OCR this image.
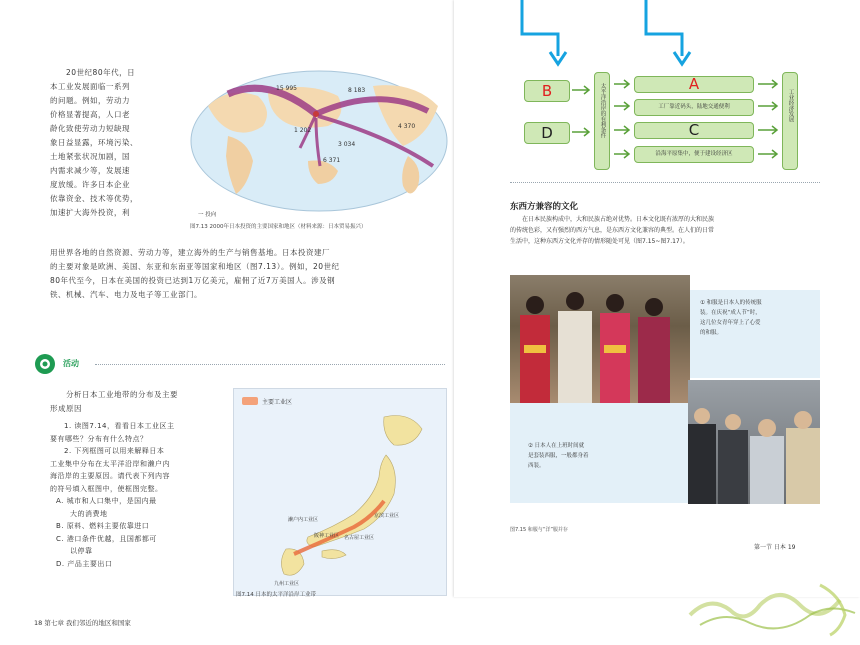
20世纪80年代，日
本工业发展面临一系列
的问题。例如，劳动力
价格显著提高，人口老
龄化致使劳动力短缺现
象日益显露，环境污染、
土地紧张状况加剧，国
内需求减少等，发展速
度放缓。许多日本企业
依靠资金、技术等优势，
加速扩大海外投资，利
15 995	8 183
4 370
1 202
3 034
6 371
一 投向
图7.13 2000年日本投资的主要国家和地区（材料来源：日本贸易振兴）
用世界各地的自然资源、劳动力等，建立海外的生产与销售基地。日本投资建厂
的主要对象是欧洲、美国、东亚和东南亚等国家和地区（图7.13）。例如，20世纪
80年代至今，日本在美国的投资已达到1万亿美元，雇佣了近7万美国人。涉及钢
铁、机械、汽车、电力及电子等工业部门。
活动
分析日本工业地带的分布及主要
形成原因
1. 读图7.14，看看日本工业区主
要有哪些？分布有什么特点？
2. 下列框图可以用来解释日本
工业集中分布在太平洋沿岸和濑户内
海沿岸的主要原因。请代表下列内容
的符号填入框图中，使框图完整。
A. 城市和人口集中，是国内最
大的消费地
B. 原料、燃料主要依靠进口
C. 港口条件优越，且国都都可
以停靠
D. 产品主要出口
主要工业区
濑户内工业区
京滨工业区
阪神工业区 名古屋工业区
九州工业区
图7.14 日本的太平洋沿岸工业带
18 第七章 我们邻近的地区和国家
B
D	太平洋沿岸的有利条件	A
工厂靠近码头，陆地交通便利
C
沿海平原集中，便于建设经济区
工业经济发展
东西方兼容的文化
在日本民族构成中，大和民族占绝对优势。日本文化既有浓厚的大和民族
的传统色彩，又有强烈的西方气息，是东西方文化兼容的典型。在人们的日常
生活中，这种东西方文化并存的情形随处可见（图7.15~图7.17）。
① 和服是日本人的传统服
装。在庆祝“成人节”时，
这几位女青年穿上了心爱
的和服。
② 日本人在上班时间就
是套装西服，一般都身着
西装。
图7.15 和服与“洋”服并存
第一节 日本 19
